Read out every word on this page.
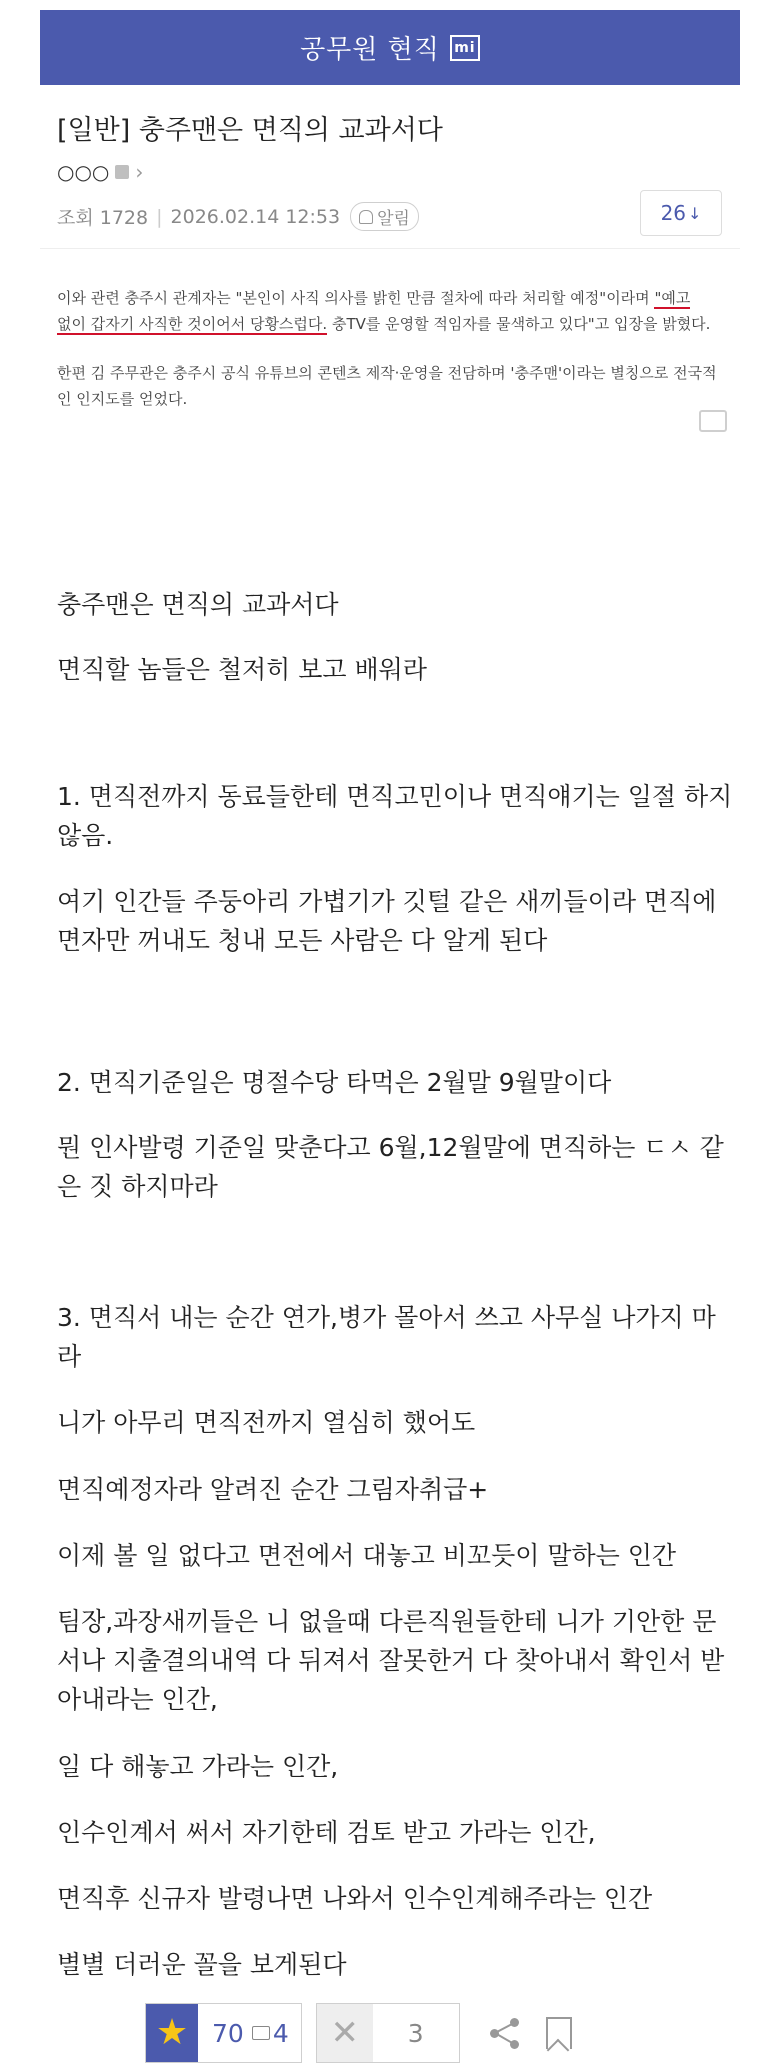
공무원 현직	mi
[일반] 충주맨은 면직의 교과서다
○○○ ›
조회 1728 | 2026.02.14 12:53 알림	26 ↓

이와 관련 충주시 관계자는 "본인이 사직 의사를 밝힌 만큼 절차에 따라 처리할 예정"이라며 "예고
없이 갑자기 사직한 것이어서 당황스럽다. 충TV를 운영할 적임자를 물색하고 있다"고 입장을 밝혔다.

한편 김 주무관은 충주시 공식 유튜브의 콘텐츠 제작·운영을 전담하며 '충주맨'이라는 별칭으로 전국적인 인지도를 얻었다.

충주맨은 면직의 교과서다
면직할 놈들은 철저히 보고 배워라
1. 면직전까지 동료들한테 면직고민이나 면직얘기는 일절 하지 않음.
여기 인간들 주둥아리 가볍기가 깃털 같은 새끼들이라 면직에 면자만 꺼내도 청내 모든 사람은 다 알게 된다
2. 면직기준일은 명절수당 타먹은 2월말 9월말이다
뭔 인사발령 기준일 맞춘다고 6월,12월말에 면직하는 ㄷㅅ 같은 짓 하지마라
3. 면직서 내는 순간 연가,병가 몰아서 쓰고 사무실 나가지 마라
니가 아무리 면직전까지 열심히 했어도
면직예정자라 알려진 순간 그림자취급+
이제 볼 일 없다고 면전에서 대놓고 비꼬듯이 말하는 인간
팀장,과장새끼들은 니 없을때 다른직원들한테 니가 기안한 문서나 지출결의내역 다 뒤져서 잘못한거 다 찾아내서 확인서 받아내라는 인간,
일 다 해놓고 가라는 인간,
인수인계서 써서 자기한테 검토 받고 가라는 인간,
면직후 신규자 발령나면 나와서 인수인계해주라는 인간
별별 더러운 꼴을 보게된다
★ 70	4 ✕	3
